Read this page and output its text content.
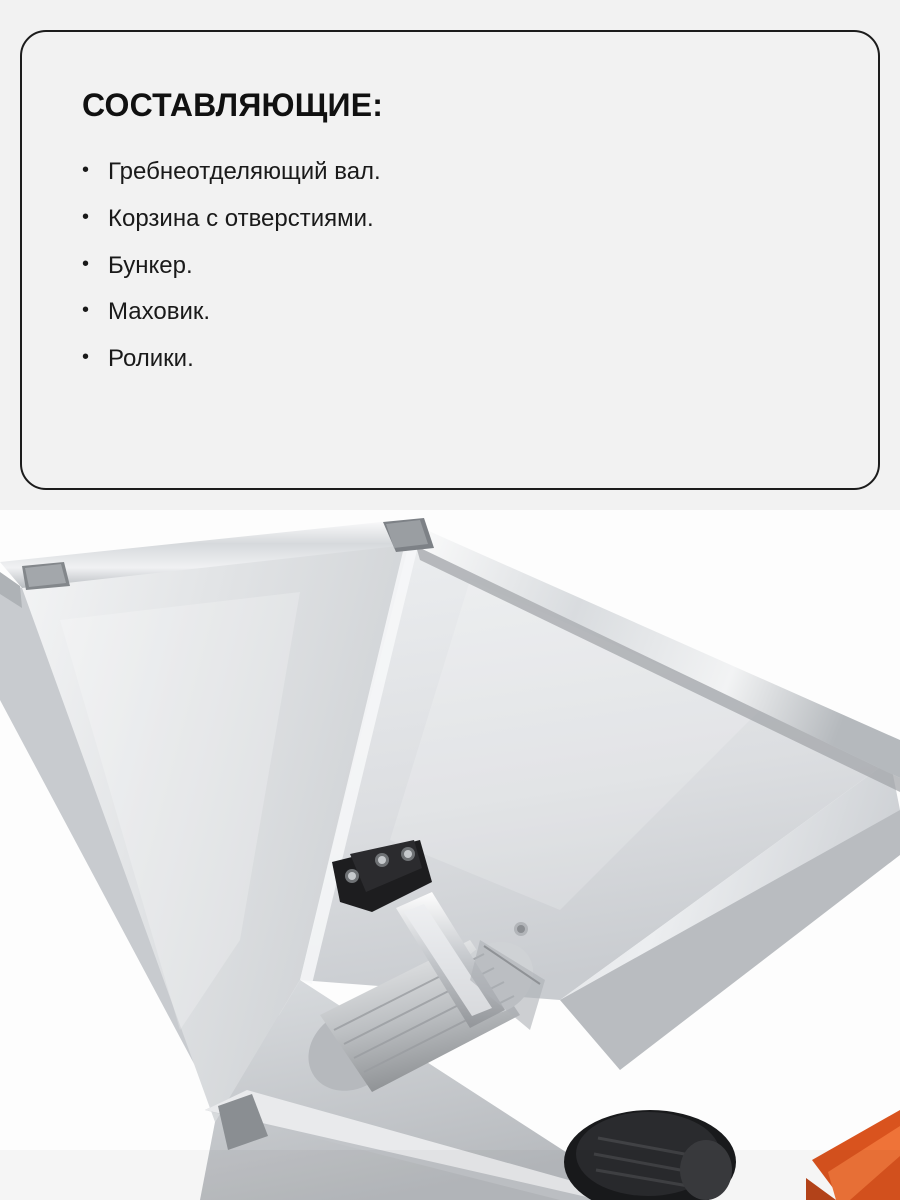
СОСТАВЛЯЮЩИЕ:
• Гребнеотделяющий вал.
• Корзина с отверстиями.
• Бункер.
• Маховик.
• Ролики.
